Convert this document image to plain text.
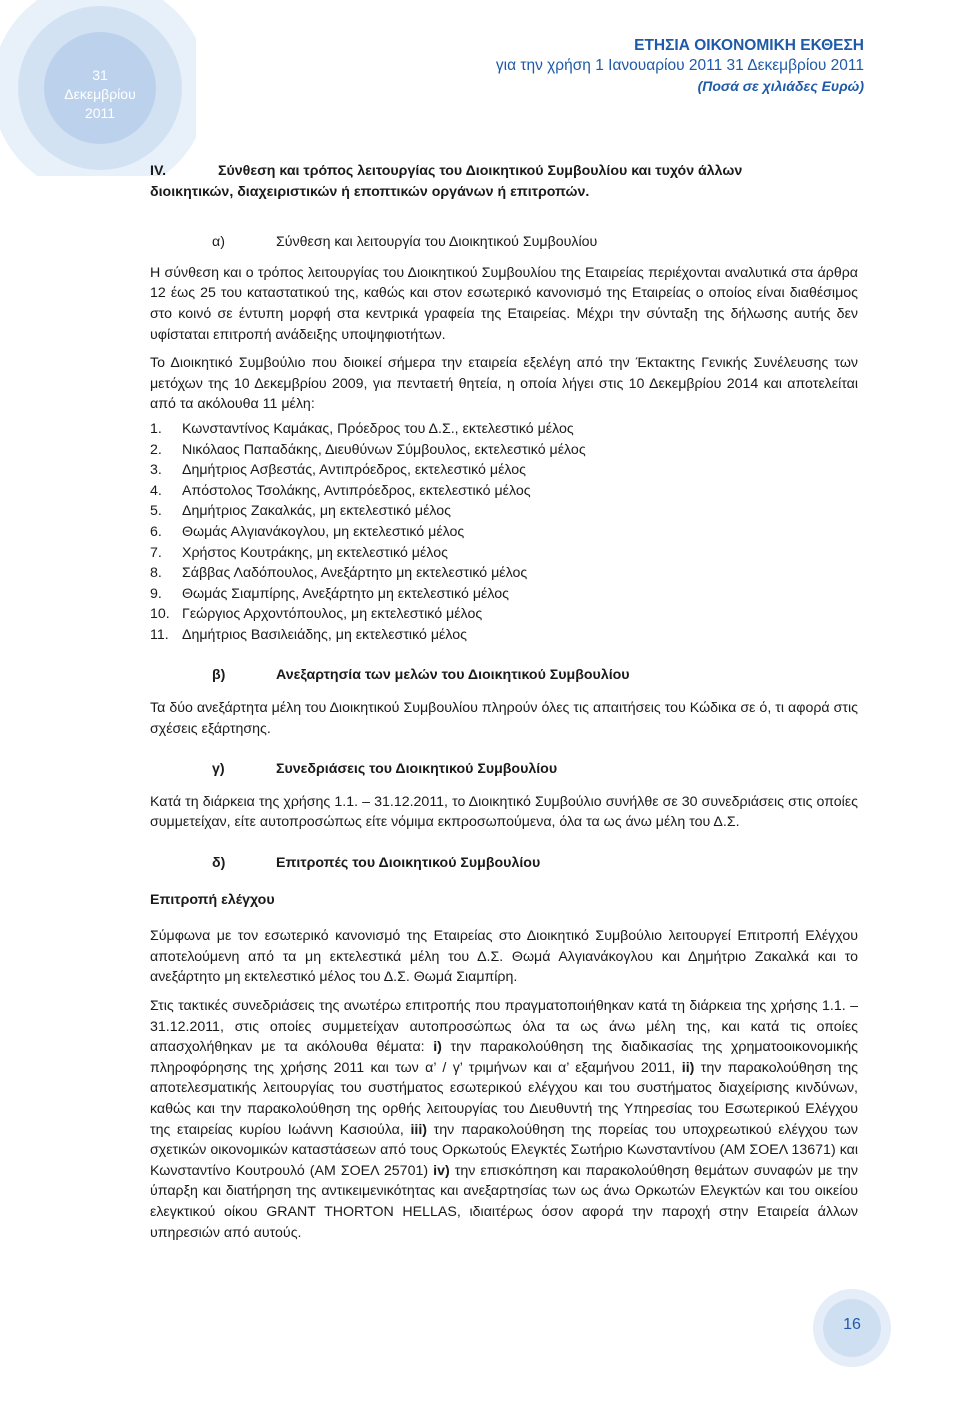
31
Δεκεμβρίου
2011
ΕΤΗΣΙΑ ΟΙΚΟΝΟΜΙΚΗ ΕΚΘΕΣΗ
για την χρήση 1 Ιανουαρίου 2011 31 Δεκεμβρίου 2011
(Ποσά σε χιλιάδες Ευρώ)
IV.	Σύνθεση και τρόπος λειτουργίας του Διοικητικού Συμβουλίου και τυχόν άλλων
διοικητικών, διαχειριστικών ή εποπτικών οργάνων ή επιτροπών.
α)	Σύνθεση και λειτουργία του Διοικητικού Συμβουλίου

Η σύνθεση και ο τρόπος λειτουργίας του Διοικητικού Συμβουλίου της Εταιρείας περιέχονται αναλυτικά στα άρθρα 12 έως 25 του καταστατικού της, καθώς και στον εσωτερικό κανονισμό της Εταιρείας ο οποίος είναι διαθέσιμος στο κοινό σε έντυπη μορφή στα κεντρικά γραφεία της Εταιρείας. Μέχρι την σύνταξη της δήλωσης αυτής δεν υφίσταται επιτροπή ανάδειξης υποψηφιοτήτων.

Το Διοικητικό Συμβούλιο που διοικεί σήμερα την εταιρεία εξελέγη από την Έκτακτης Γενικής Συνέλευσης των μετόχων της 10 Δεκεμβρίου 2009, για πενταετή θητεία, η οποία λήγει στις 10 Δεκεμβρίου 2014 και αποτελείται από τα ακόλουθα 11 μέλη:

1. Κωνσταντίνος Καμάκας, Πρόεδρος του Δ.Σ., εκτελεστικό μέλος
2. Νικόλαος Παπαδάκης, Διευθύνων Σύμβουλος, εκτελεστικό μέλος
3. Δημήτριος Ασβεστάς, Αντιπρόεδρος, εκτελεστικό μέλος
4. Απόστολος Τσολάκης, Αντιπρόεδρος, εκτελεστικό μέλος
5. Δημήτριος Ζακαλκάς, μη εκτελεστικό μέλος
6. Θωμάς Αλγιανάκογλου, μη εκτελεστικό μέλος
7. Χρήστος Κουτράκης, μη εκτελεστικό μέλος
8. Σάββας Λαδόπουλος, Ανεξάρτητο μη εκτελεστικό μέλος
9. Θωμάς Σιαμπίρης, Ανεξάρτητο μη εκτελεστικό μέλος
10. Γεώργιος Αρχοντόπουλος, μη εκτελεστικό μέλος
11. Δημήτριος Βασιλειάδης, μη εκτελεστικό μέλος
β)	Ανεξαρτησία των μελών του Διοικητικού Συμβουλίου

Τα δύο ανεξάρτητα μέλη του Διοικητικού Συμβουλίου πληρούν όλες τις απαιτήσεις του Κώδικα σε ό, τι αφορά στις σχέσεις εξάρτησης.

γ)	Συνεδριάσεις του Διοικητικού Συμβουλίου

Κατά τη διάρκεια της χρήσης 1.1. – 31.12.2011, το Διοικητικό Συμβούλιο συνήλθε σε 30 συνεδριάσεις στις οποίες συμμετείχαν, είτε αυτοπροσώπως είτε νόμιμα εκπροσωπούμενα, όλα τα ως άνω μέλη του Δ.Σ.

δ)	Επιτροπές του Διοικητικού Συμβουλίου
Επιτροπή ελέγχου

Σύμφωνα με τον εσωτερικό κανονισμό της Εταιρείας στο Διοικητικό Συμβούλιο λειτουργεί Επιτροπή Ελέγχου αποτελούμενη από τα μη εκτελεστικά μέλη του Δ.Σ. Θωμά Αλγιανάκογλου και Δημήτριο Ζακαλκά και το ανεξάρτητο μη εκτελεστικό μέλος του Δ.Σ. Θωμά Σιαμπίρη.

Στις τακτικές συνεδριάσεις της ανωτέρω επιτροπής που πραγματοποιήθηκαν κατά τη διάρκεια της χρήσης 1.1. – 31.12.2011, στις οποίες συμμετείχαν αυτοπροσώπως όλα τα ως άνω μέλη της, και κατά τις οποίες απασχολήθηκαν με τα ακόλουθα θέματα: i) την παρακολούθηση της διαδικασίας της χρηματοοικονομικής πληροφόρησης της χρήσης 2011 και των α’ / γ’ τριμήνων και α’ εξαμήνου 2011, ii) την παρακολούθηση της αποτελεσματικής λειτουργίας του συστήματος εσωτερικού ελέγχου και του συστήματος διαχείρισης κινδύνων, καθώς και την παρακολούθηση της ορθής λειτουργίας του Διευθυντή της Υπηρεσίας του Εσωτερικού Ελέγχου της εταιρείας κυρίου Ιωάννη Κασιούλα, iii) την παρακολούθηση της πορείας του υποχρεωτικού ελέγχου των σχετικών οικονομικών καταστάσεων από τους Ορκωτούς Ελεγκτές Σωτήριο Κωνσταντίνου (ΑΜ ΣΟΕΛ 13671) και Κωνσταντίνο Κουτρουλό (ΑΜ ΣΟΕΛ 25701) iv) την επισκόπηση και παρακολούθηση θεμάτων συναφών με την ύπαρξη και διατήρηση της αντικειμενικότητας και ανεξαρτησίας των ως άνω Ορκωτών Ελεγκτών και του οικείου ελεγκτικού οίκου GRANT THORTON HELLAS, ιδιαιτέρως όσον αφορά την παροχή στην Εταιρεία άλλων υπηρεσιών από αυτούς.

16
